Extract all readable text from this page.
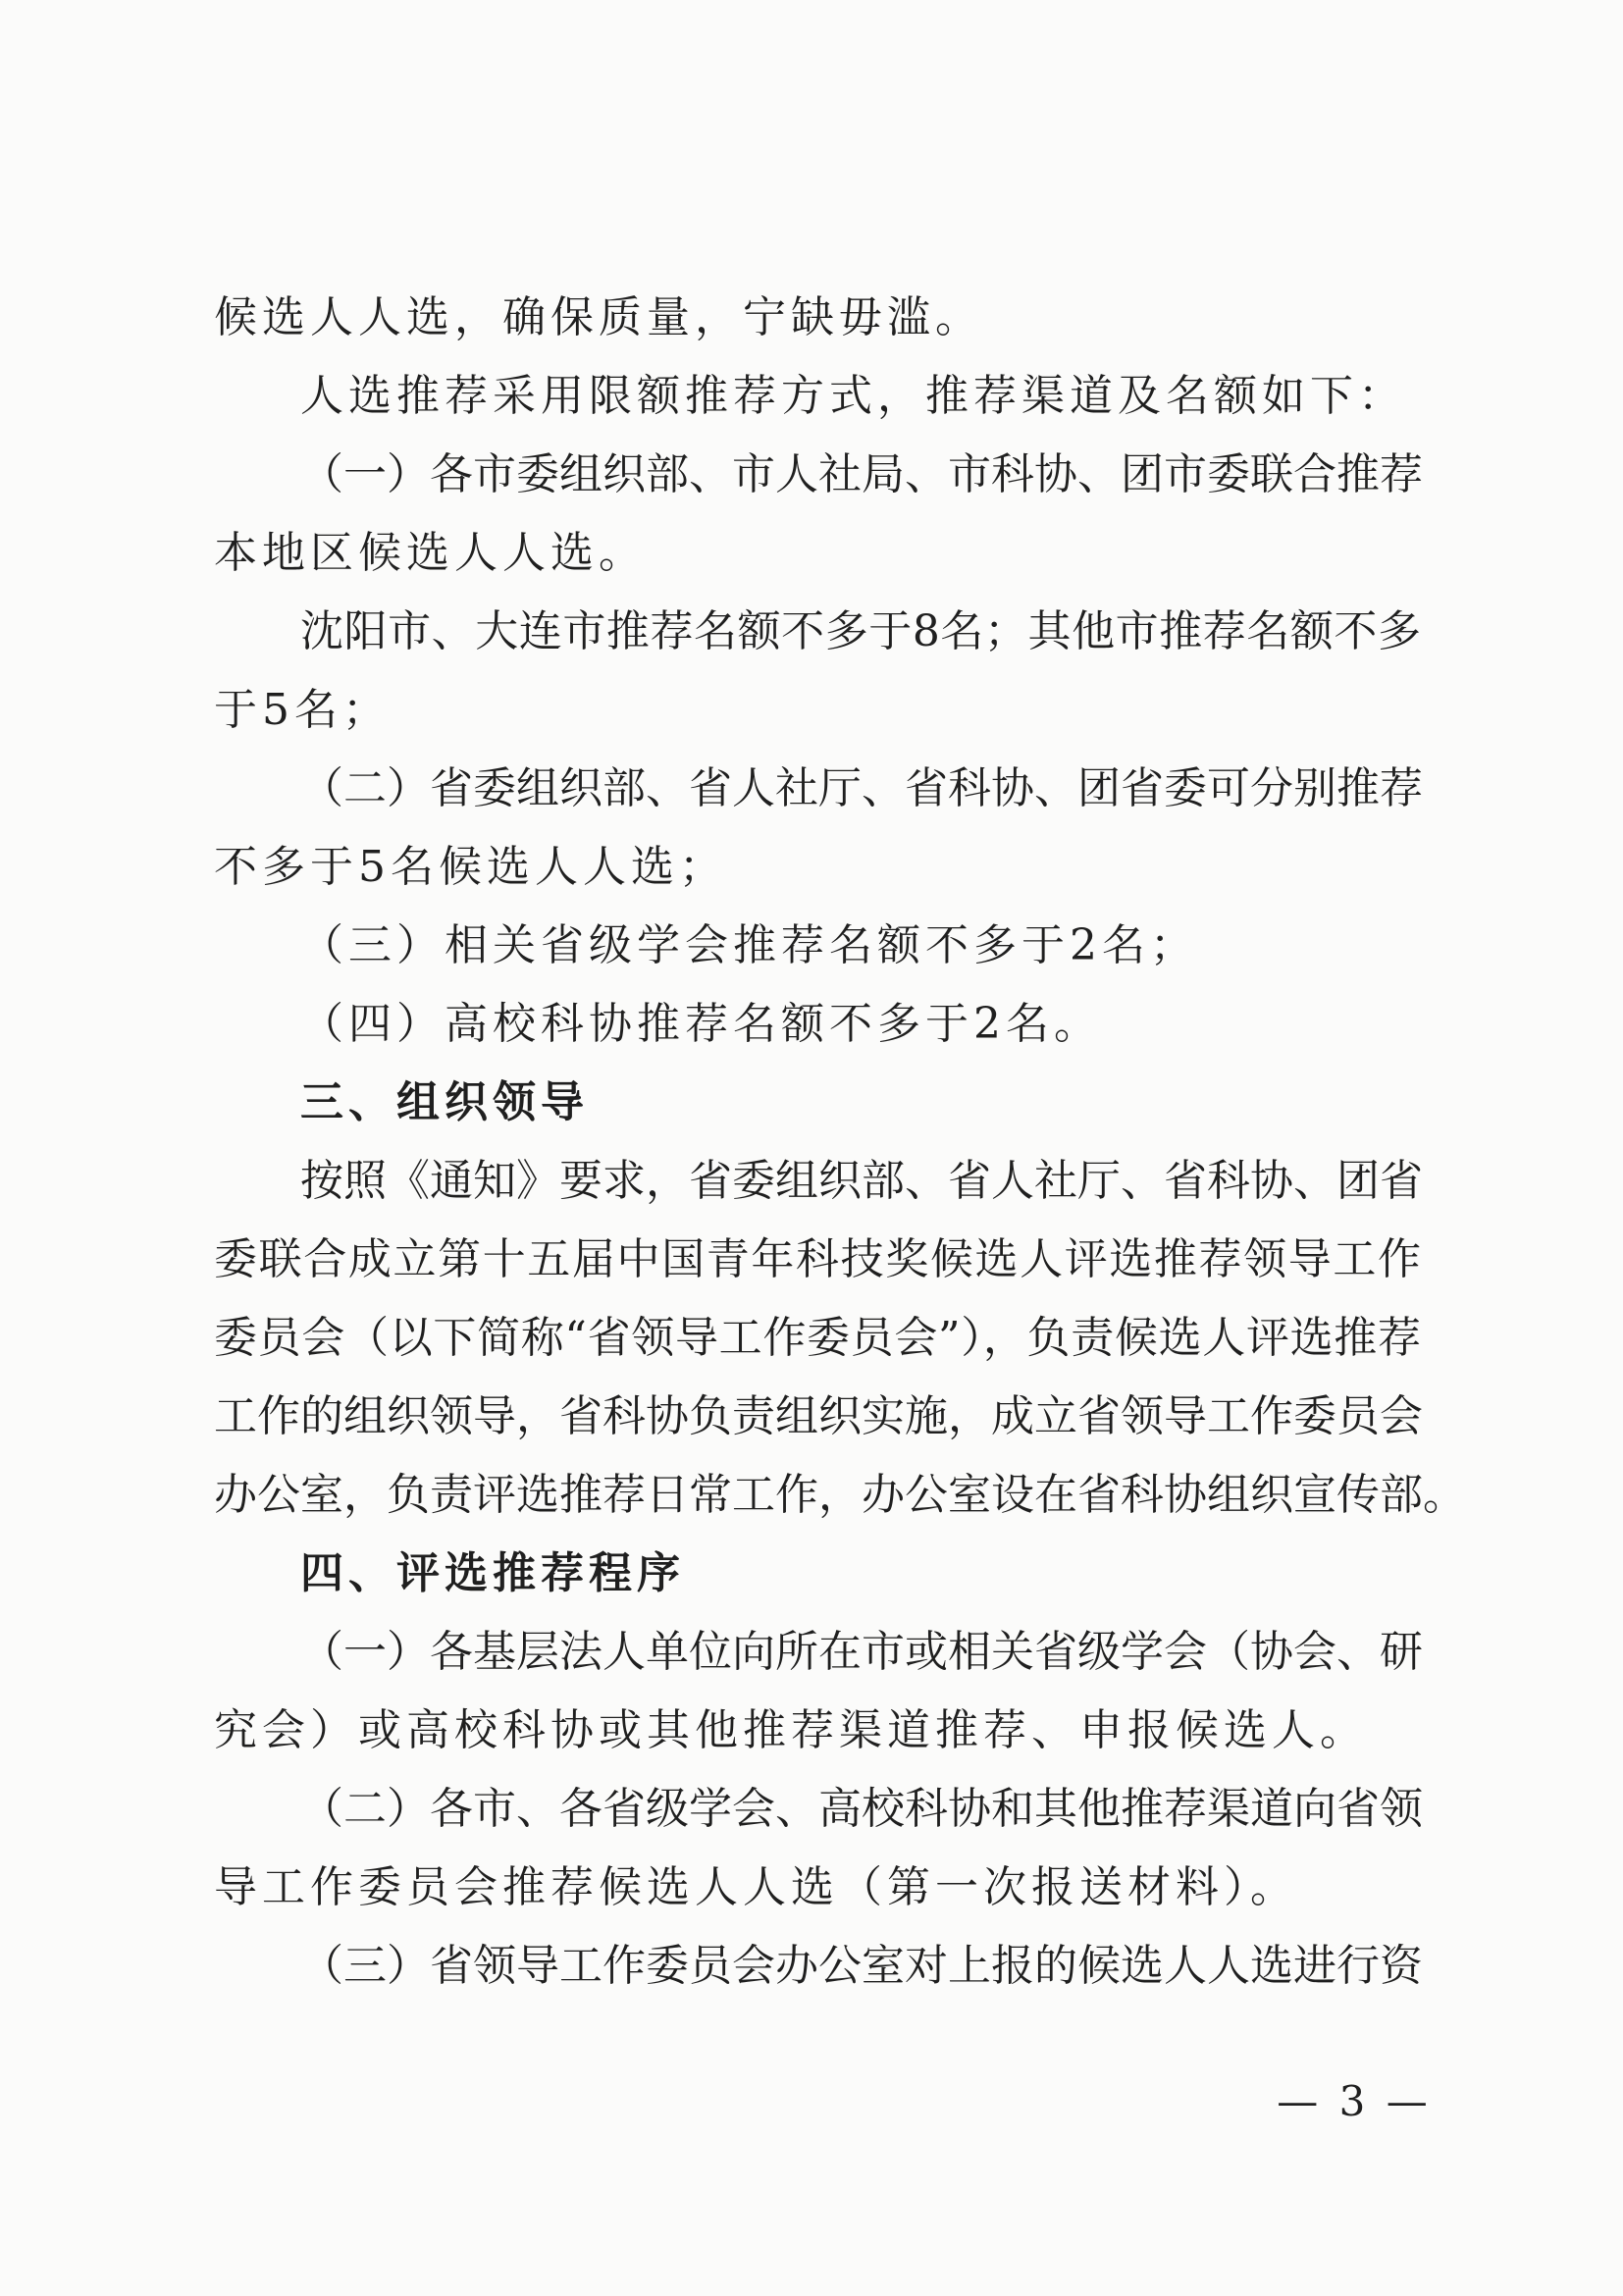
候选人人选，确保质量，宁缺毋滥。
人选推荐采用限额推荐方式，推荐渠道及名额如下：
（一）各市委组织部、市人社局、市科协、团市委联合推荐
本地区候选人人选。
沈阳市、大连市推荐名额不多于8名；其他市推荐名额不多
于5名；
（二）省委组织部、省人社厅、省科协、团省委可分别推荐
不多于5名候选人人选；
（三）相关省级学会推荐名额不多于2名；
（四）高校科协推荐名额不多于2名。
三、组织领导
按照《通知》要求，省委组织部、省人社厅、省科协、团省
委联合成立第十五届中国青年科技奖候选人评选推荐领导工作
委员会（以下简称“省领导工作委员会”），负责候选人评选推荐
工作的组织领导，省科协负责组织实施，成立省领导工作委员会
办公室，负责评选推荐日常工作，办公室设在省科协组织宣传部。
四、评选推荐程序
（一）各基层法人单位向所在市或相关省级学会（协会、研
究会）或高校科协或其他推荐渠道推荐、申报候选人。
（二）各市、各省级学会、高校科协和其他推荐渠道向省领
导工作委员会推荐候选人人选（第一次报送材料）。
（三）省领导工作委员会办公室对上报的候选人人选进行资
— 3 —
